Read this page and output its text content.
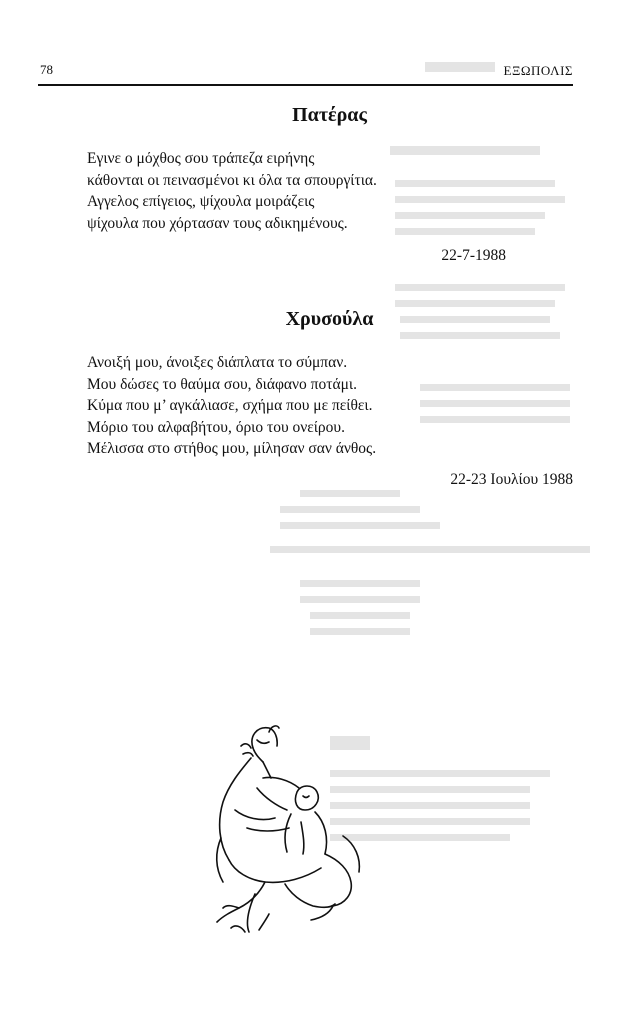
78	ΕΞΩΠΟΛΙΣ
Πατέρας
Εγινε ο μόχθος σου τράπεζα ειρήνης
κάθονται οι πεινασμένοι κι όλα τα σπουργίτια.
Αγγελος επίγειος, ψίχουλα μοιράζεις
ψίχουλα που χόρτασαν τους αδικημένους.
22-7-1988
Χρυσούλα
Ανοιξή μου, άνοιξες διάπλατα το σύμπαν.
Μου δώσες το θαύμα σου, διάφανο ποτάμι.
Κύμα που μ’ αγκάλιασε, σχήμα που με πείθει.
Μόριο του αλφαβήτου, όριο του ονείρου.
Μέλισσα στο στήθος μου, μίλησαν σαν άνθος.
22-23 Ιουλίου 1988
